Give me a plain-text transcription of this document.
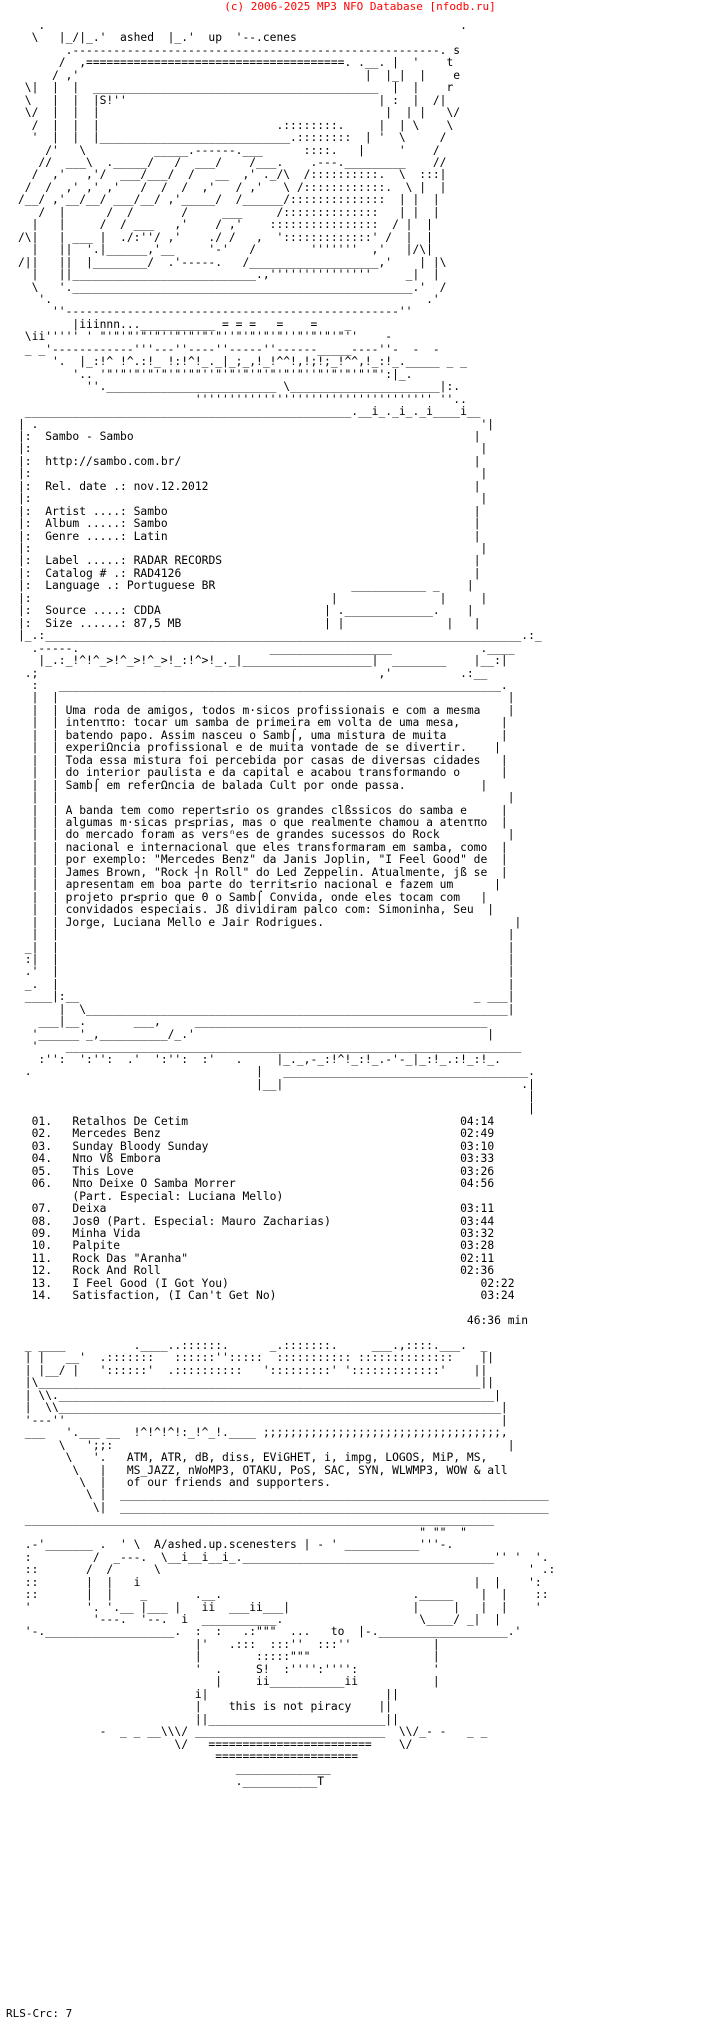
(c) 2006-2025 MP3 NFO Database [nfodb.ru]
.                                                             .
\   |_/|_.'  ashed  |_.'  up  '--.cenes
.------------------------------------------------------. s
/  ,======================================. .__. |  '    t
/ ,'                                          |  |_|  |    e
\|  |  |  __________________________________________  |  |    r
\   |  |  |S!''                                     | :  |  /|
\/  |  |  |                                          |  | |   \/
/  |  |  |                          .::::::::.     |  | \    \
'  |  |  |____________________________.::::::::  | '  \     /
/'   \          _____.------.___      ::::.   |     '    /
//  ___\  ._____/   /  ___/    /___.    .---._________    //
/  ,'   ,'/  ___/___/  /   __  ,' ._/\  /::::::::::.  \  :::|
/  /  ,' ,' ,'   /  /  /  ,'   / ,'   \ /::::::::::::.  \ |  |
/__/ ,'__/__/ ___/__/ ,'_____/  /______/::::::::::::::  | |  |
/  |      /  /       /     ___     /::::::::::::::   | |  |
|   |     /  / ___   ,'    / ,'    ::::::::::::::::  / |  |
/\|   | ___ |  ./:''/ ,'    ./ /   ,  ':::::::::::::' /  |  |
|   ||  '.|______,'__     '-'   /        '''''''  ,'   |/\|
/||   ||  |________/  .'-----.   /___________________,'    | |\
|   ||___________________________.,'''''''''''''''     _|  |
\   '.__________________________________________________.'  /
'.                                                       .'
''-------------------------------------------------''
|iiinnn...___________ = = =   =    =    _
\ii''''' ' "'"'"'"'"''"'"'"'"''"'"'"'"''"'"'"'"''    -
_ _'------------'''---''----''-----''------_____----''-  -  -
'.  |_:!^ !^.:!_ !:!^!_._|_;_,!_!^^!,!;!;_!^^,!_:!_._____ _ _
'.. '"'"'"'"'"'"'""''"'"'"'"'"'"'"''"'"'"'"'"':|_.
''._________________________ \______________________|:.
''''''''''''''''''''''''''''''''''' ''..
________________________________________________.__i_._i_._i____i__
| .                                                                 '|
|:  Sambo - Sambo	|
|:                                                                  |
|:  http://sambo.com.br/	|
|:                                                                  |
|:  Rel. date .: nov.12.2012	|
|:                                                                  |
|:  Artist ....: Sambo	|
|:  Album .....: Sambo	|
|:  Genre .....: Latin	|
|:                                                                  |
|:  Label .....: RADAR RECORDS	|
|:  Catalog # .: RAD4126	|
|:  Language .: Portuguese BR	___________ _    |
|:                                            |               |     |
|:  Source ....: CDDA	| ._____________.    |
|:  Size ......: 87,5 MB	| |               |   |
|_.:______________________________________________________________________.:_
.-----.                            __________________             .____
|_.:_!^!^_>!^_>!^_>!_:!^>!_._|___________________|  ________    |__:|
.;                                                  ,'          .:__
:   _________________________________________________________________.
|  |                                                                  |
|  | Uma roda de amigos, todos m·sicos profissionais e com a mesma    |
|  | intenτπo: tocar um samba de primeira em volta de uma mesa,	|
|  | batendo papo. Assim nasceu o Samb⌠, uma mistura de muita	|
|  | experiΩncia profissional e de muita vontade de se divertir.    |
|  | Toda essa mistura foi percebida por casas de diversas cidades   |
|  | do interior paulista e da capital e acabou transformando o	|
|  | Samb⌠ em referΩncia de balada Cult por onde passa.	|
|  |                                                                  |
|  | A banda tem como repert≤rio os grandes clßssicos do samba e	|
|  | algumas m·sicas pr≤prias, mas o que realmente chamou a atenτπo  |
|  | do mercado foram as versⁿes de grandes sucessos do Rock	|
|  | nacional e internacional que eles transformaram em samba, como  |
|  | por exemplo: "Mercedes Benz" da Janis Joplin, "I Feel Good" de  |
|  | James Brown, "Rock ┤n Roll" do Led Zeppelin. Atualmente, jß se  |
|  | apresentam em boa parte do territ≤rio nacional e fazem um	|
|  | projeto pr≤prio que Θ o Samb⌠ Convida, onde eles tocam com   |
|  | convidados especiais. Jß dividiram palco com: Simoninha, Seu  |
|  | Jorge, Luciana Mello e Jair Rodrigues.	|
|  |                                                                  |
_|  |                                                                  |
:|  |                                                                  |
.'  |                                                                  |
_.  |                                                                  |
____|:__                                                          _ ___|
|  \______________________________________________________________|
___|__.       ___,     ___________________________________________
'______'_,__________/_.'                                           |
'    ___________________________________________________________________
:'':  ':'':  .'  ':'':  :'   .     |_._,-_:!^!_:!_.-'-_|_:!_.:!_:!_.
.                                 |   ____________________________________.
|__|                                   .|
|
|
01. Retalhos De Cetim	04:14
02. Mercedes Benz	02:49
03. Sunday Bloody Sunday	03:10
04. Nπo Vß Embora	03:33
05. This Love	03:26
06. Nπo Deixe O Samba Morrer	04:56
(Part. Especial: Luciana Mello)
07. Deixa	03:11
08. JosΘ (Part. Especial: Mauro Zacharias)	03:44
09. Minha Vida	03:32
10. Palpite	03:28
11. Rock Das "Aranha"	02:11
12. Rock And Roll	02:36
13. I Feel Good (I Got You)	02:22
14. Satisfaction, (I Can't Get No)	03:24

46:36 min

_ ____          .____..::::::.      _.:::::::.     ___.,::::.___.  _
| |   __'  .:::::::   ::::::'':::::  ::::::::::: ::::::::::::::    ||
| |__/ |   '::::::'  .::::::::::   ':::::::::' ':::::::::::::'    ||
|\_________________________________________________________________||
| \\.________________________________________________________________|
|  \\_________________________________________________________________|
'---''                                                                |
___   '.___ __  !^!^!^!:_!^_!.____ ;;;;;;;;;;;;;;;;;;;;;;;;;;;;;;;;;;;,
\   ';;:                                                          |
\   '.   ATM, ATR, dB, diss, EViGHET, i, impg, LOGOS, MiP, MS,
\   |   MS_JAZZ, nWoMP3, OTAKU, PoS, SAC, SYN, WLWMP3, WOW & all
\  |   of our friends and supporters.
\ |  _______________________________________________________________
\|  _______________________________________________________________
_____________________________________________________________________
" ""  "
.-'_______ .  ' \  A/ashed.up.scenesters | - ' ___________'''-.
:         /  _---.  \__i__i__i_._____________________________________'' '  '.
::       /  /      \                                                      ' .:
::       |  |   i                                                 |  |    ':
::       |  |    _       .__.                            ._____    |  |    ::
'        '. '.__ |___ |   ii  ___ii___|                  |     |   |  |    '
'---.  '--.  i  ___________.                    \____/ _|  |
'-.___________________.  :  :   .:"""  ...   to  |-.___________________.'
|'   .:::  :::''  :::''            |
|        :::::"""                  |
'  .     S!  :'''':'''':           '
|     ii___________ii           |
i|                          ||
|    this is not piracy    ||
||__________________________||
-  _ _ __\\\/ ____________________________  \\/_- -   _ _
\/   ========================    \/
=====================
______________
.___________T

RLS-Crc: 7
